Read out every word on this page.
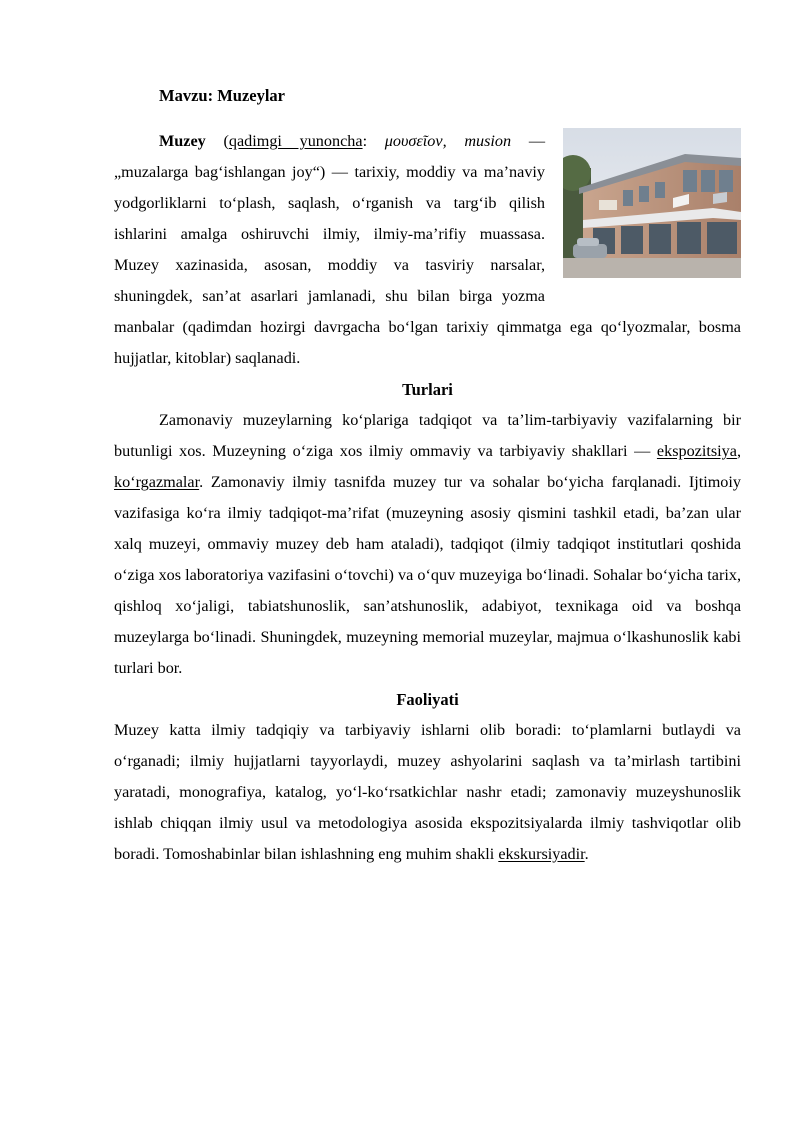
Mavzu: Muzeylar

Muzey (qadimgi yunoncha: μουσεῖον, musion — „muzalarga bag‘ishlangan joy“) — tarixiy, moddiy va ma’naviy yodgorliklarni to‘plash, saqlash, o‘rganish va targ‘ib qilish ishlarini amalga oshiruvchi ilmiy, ilmiy-ma’rifiy muassasa. Muzey xazinasida, asosan, moddiy va tasviriy narsalar, shuningdek, san’at asarlari jamlanadi, shu bilan birga yozma manbalar (qadimdan hozirgi davrgacha bo‘lgan tarixiy qimmatga ega qo‘lyozmalar, bosma hujjatlar, kitoblar) saqlanadi.

Turlari

Zamonaviy muzeylarning ko‘plariga tadqiqot va ta’lim-tarbiyaviy vazifalarning bir butunligi xos. Muzeyning o‘ziga xos ilmiy ommaviy va tarbiyaviy shakllari — ekspozitsiya, ko‘rgazmalar. Zamonaviy ilmiy tasnifda muzey tur va sohalar bo‘yicha farqlanadi. Ijtimoiy vazifasiga ko‘ra ilmiy tadqiqot-ma’rifat (muzeyning asosiy qismini tashkil etadi, ba’zan ular xalq muzeyi, ommaviy muzey deb ham ataladi), tadqiqot (ilmiy tadqiqot institutlari qoshida o‘ziga xos laboratoriya vazifasini o‘tovchi) va o‘quv muzeyiga bo‘linadi. Sohalar bo‘yicha tarix, qishloq xo‘jaligi, tabiatshunoslik, san’atshunoslik, adabiyot, texnikaga oid va boshqa muzeylarga bo‘linadi. Shuningdek, muzeyning memorial muzeylar, majmua o‘lkashunoslik kabi turlari bor.

Faoliyati

Muzey katta ilmiy tadqiqiy va tarbiyaviy ishlarni olib boradi: to‘plamlarni butlaydi va o‘rganadi; ilmiy hujjatlarni tayyorlaydi, muzey ashyolarini saqlash va ta’mirlash tartibini yaratadi, monografiya, katalog, yo‘l-ko‘rsatkichlar nashr etadi; zamonaviy muzeyshunoslik ishlab chiqqan ilmiy usul va metodologiya asosida ekspozitsiyalarda ilmiy tashviqotlar olib boradi. Tomoshabinlar bilan ishlashning eng muhim shakli ekskursiyadir.
